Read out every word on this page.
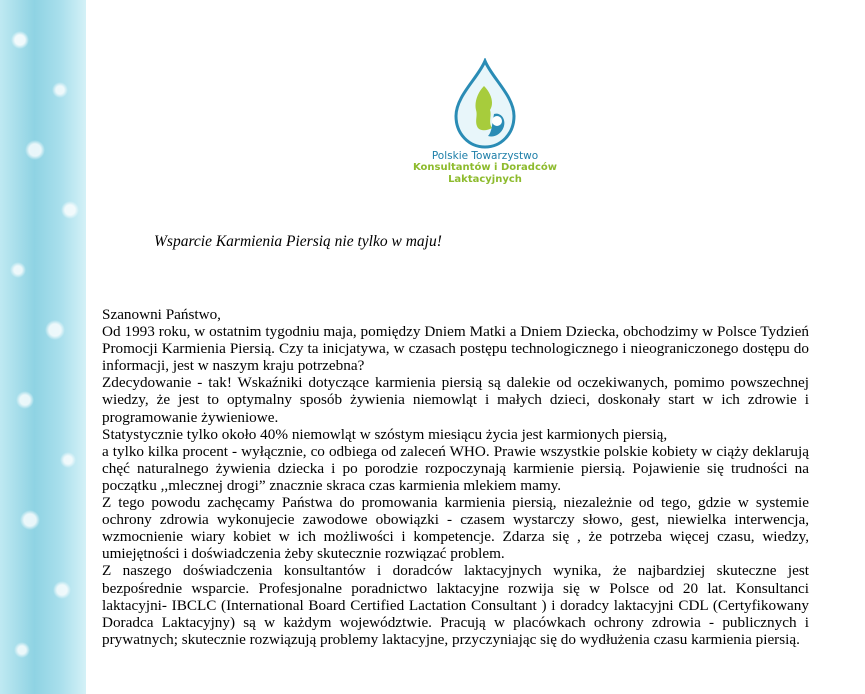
Polskie Towarzystwo
Konsultantów i Doradców
Laktacyjnych
Wsparcie Karmienia Piersią nie tylko w maju!

Szanowni Państwo,

Od 1993 roku, w ostatnim tygodniu maja, pomiędzy Dniem Matki a Dniem Dziecka, obchodzimy w Polsce Tydzień Promocji Karmienia Piersią. Czy ta inicjatywa, w czasach postępu technologicznego i nieograniczonego dostępu do informacji, jest w naszym kraju potrzebna?

Zdecydowanie - tak! Wskaźniki dotyczące karmienia piersią są dalekie od oczekiwanych, pomimo powszechnej wiedzy, że jest to optymalny sposób żywienia niemowląt i małych dzieci, doskonały start w ich zdrowie i programowanie żywieniowe.

Statystycznie tylko około 40% niemowląt w szóstym miesiącu życia jest karmionych piersią,

a tylko kilka procent - wyłącznie, co odbiega od zaleceń WHO. Prawie wszystkie polskie kobiety w ciąży deklarują chęć naturalnego żywienia dziecka i po porodzie rozpoczynają karmienie piersią. Pojawienie się trudności na początku ,,mlecznej drogi” znacznie skraca czas karmienia mlekiem mamy.

Z tego powodu zachęcamy Państwa do promowania karmienia piersią, niezależnie od tego, gdzie w systemie ochrony zdrowia wykonujecie zawodowe obowiązki - czasem wystarczy słowo, gest, niewielka interwencja, wzmocnienie wiary kobiet w ich możliwości i kompetencje. Zdarza się , że potrzeba więcej czasu, wiedzy, umiejętności i doświadczenia żeby skutecznie rozwiązać problem.

Z naszego doświadczenia konsultantów i doradców laktacyjnych wynika, że najbardziej skuteczne jest bezpośrednie wsparcie. Profesjonalne poradnictwo laktacyjne rozwija się w Polsce od 20 lat. Konsultanci laktacyjni- IBCLC (International Board Certified Lactation Consultant ) i doradcy laktacyjni CDL (Certyfikowany Doradca Laktacyjny) są w każdym województwie. Pracują w placówkach ochrony zdrowia - publicznych i prywatnych; skutecznie rozwiązują problemy laktacyjne, przyczyniając się do wydłużenia czasu karmienia piersią.
